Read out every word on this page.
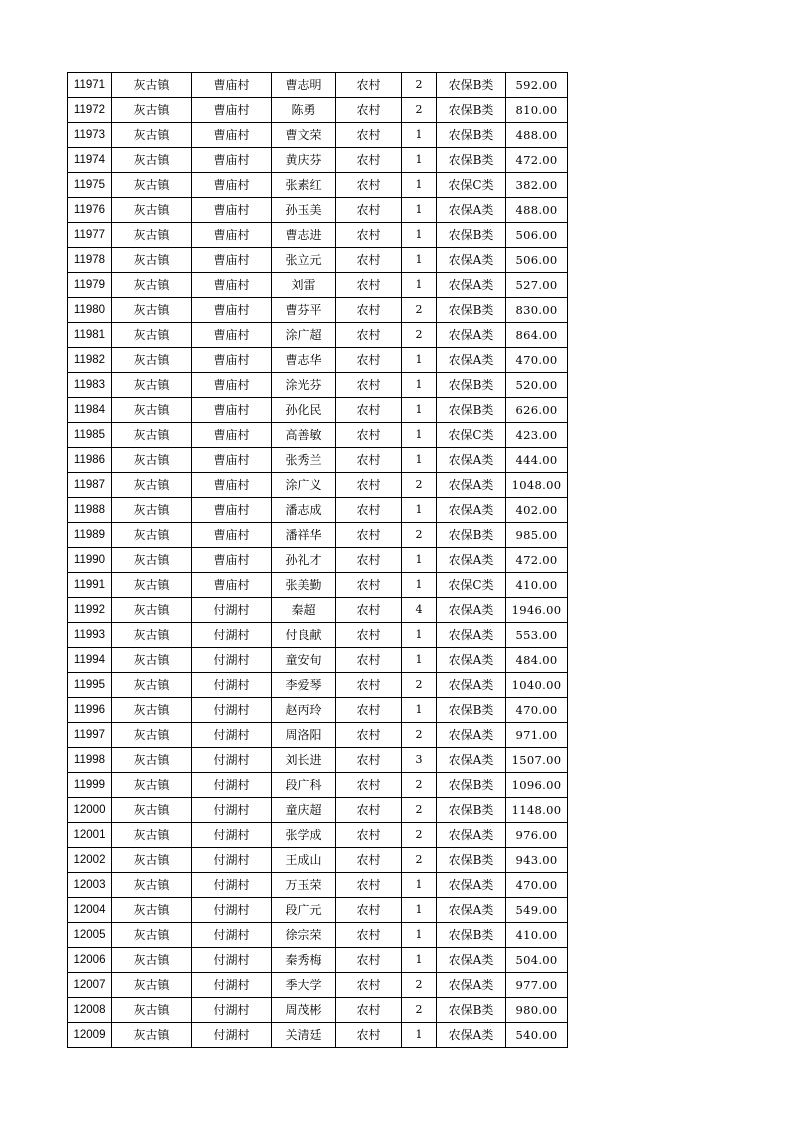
11971	灰古镇	曹庙村	曹志明	农村	2	农保B类	592.00
11972	灰古镇	曹庙村	陈勇	农村	2	农保B类	810.00
11973	灰古镇	曹庙村	曹文荣	农村	1	农保B类	488.00
11974	灰古镇	曹庙村	黄庆芬	农村	1	农保B类	472.00
11975	灰古镇	曹庙村	张素红	农村	1	农保C类	382.00
11976	灰古镇	曹庙村	孙玉美	农村	1	农保A类	488.00
11977	灰古镇	曹庙村	曹志进	农村	1	农保B类	506.00
11978	灰古镇	曹庙村	张立元	农村	1	农保A类	506.00
11979	灰古镇	曹庙村	刘雷	农村	1	农保A类	527.00
11980	灰古镇	曹庙村	曹芬平	农村	2	农保B类	830.00
11981	灰古镇	曹庙村	涂广超	农村	2	农保A类	864.00
11982	灰古镇	曹庙村	曹志华	农村	1	农保A类	470.00
11983	灰古镇	曹庙村	涂光芬	农村	1	农保B类	520.00
11984	灰古镇	曹庙村	孙化民	农村	1	农保B类	626.00
11985	灰古镇	曹庙村	高善敏	农村	1	农保C类	423.00
11986	灰古镇	曹庙村	张秀兰	农村	1	农保A类	444.00
11987	灰古镇	曹庙村	涂广义	农村	2	农保A类	1048.00
11988	灰古镇	曹庙村	潘志成	农村	1	农保A类	402.00
11989	灰古镇	曹庙村	潘祥华	农村	2	农保B类	985.00
11990	灰古镇	曹庙村	孙礼才	农村	1	农保A类	472.00
11991	灰古镇	曹庙村	张美勤	农村	1	农保C类	410.00
11992	灰古镇	付湖村	秦超	农村	4	农保A类	1946.00
11993	灰古镇	付湖村	付良献	农村	1	农保A类	553.00
11994	灰古镇	付湖村	童安旬	农村	1	农保A类	484.00
11995	灰古镇	付湖村	李爱琴	农村	2	农保A类	1040.00
11996	灰古镇	付湖村	赵丙玲	农村	1	农保B类	470.00
11997	灰古镇	付湖村	周洛阳	农村	2	农保A类	971.00
11998	灰古镇	付湖村	刘长进	农村	3	农保A类	1507.00
11999	灰古镇	付湖村	段广科	农村	2	农保B类	1096.00
12000	灰古镇	付湖村	童庆超	农村	2	农保B类	1148.00
12001	灰古镇	付湖村	张学成	农村	2	农保A类	976.00
12002	灰古镇	付湖村	王成山	农村	2	农保B类	943.00
12003	灰古镇	付湖村	万玉荣	农村	1	农保A类	470.00
12004	灰古镇	付湖村	段广元	农村	1	农保A类	549.00
12005	灰古镇	付湖村	徐宗荣	农村	1	农保B类	410.00
12006	灰古镇	付湖村	秦秀梅	农村	1	农保A类	504.00
12007	灰古镇	付湖村	季大学	农村	2	农保A类	977.00
12008	灰古镇	付湖村	周茂彬	农村	2	农保B类	980.00
12009	灰古镇	付湖村	关清廷	农村	1	农保A类	540.00
